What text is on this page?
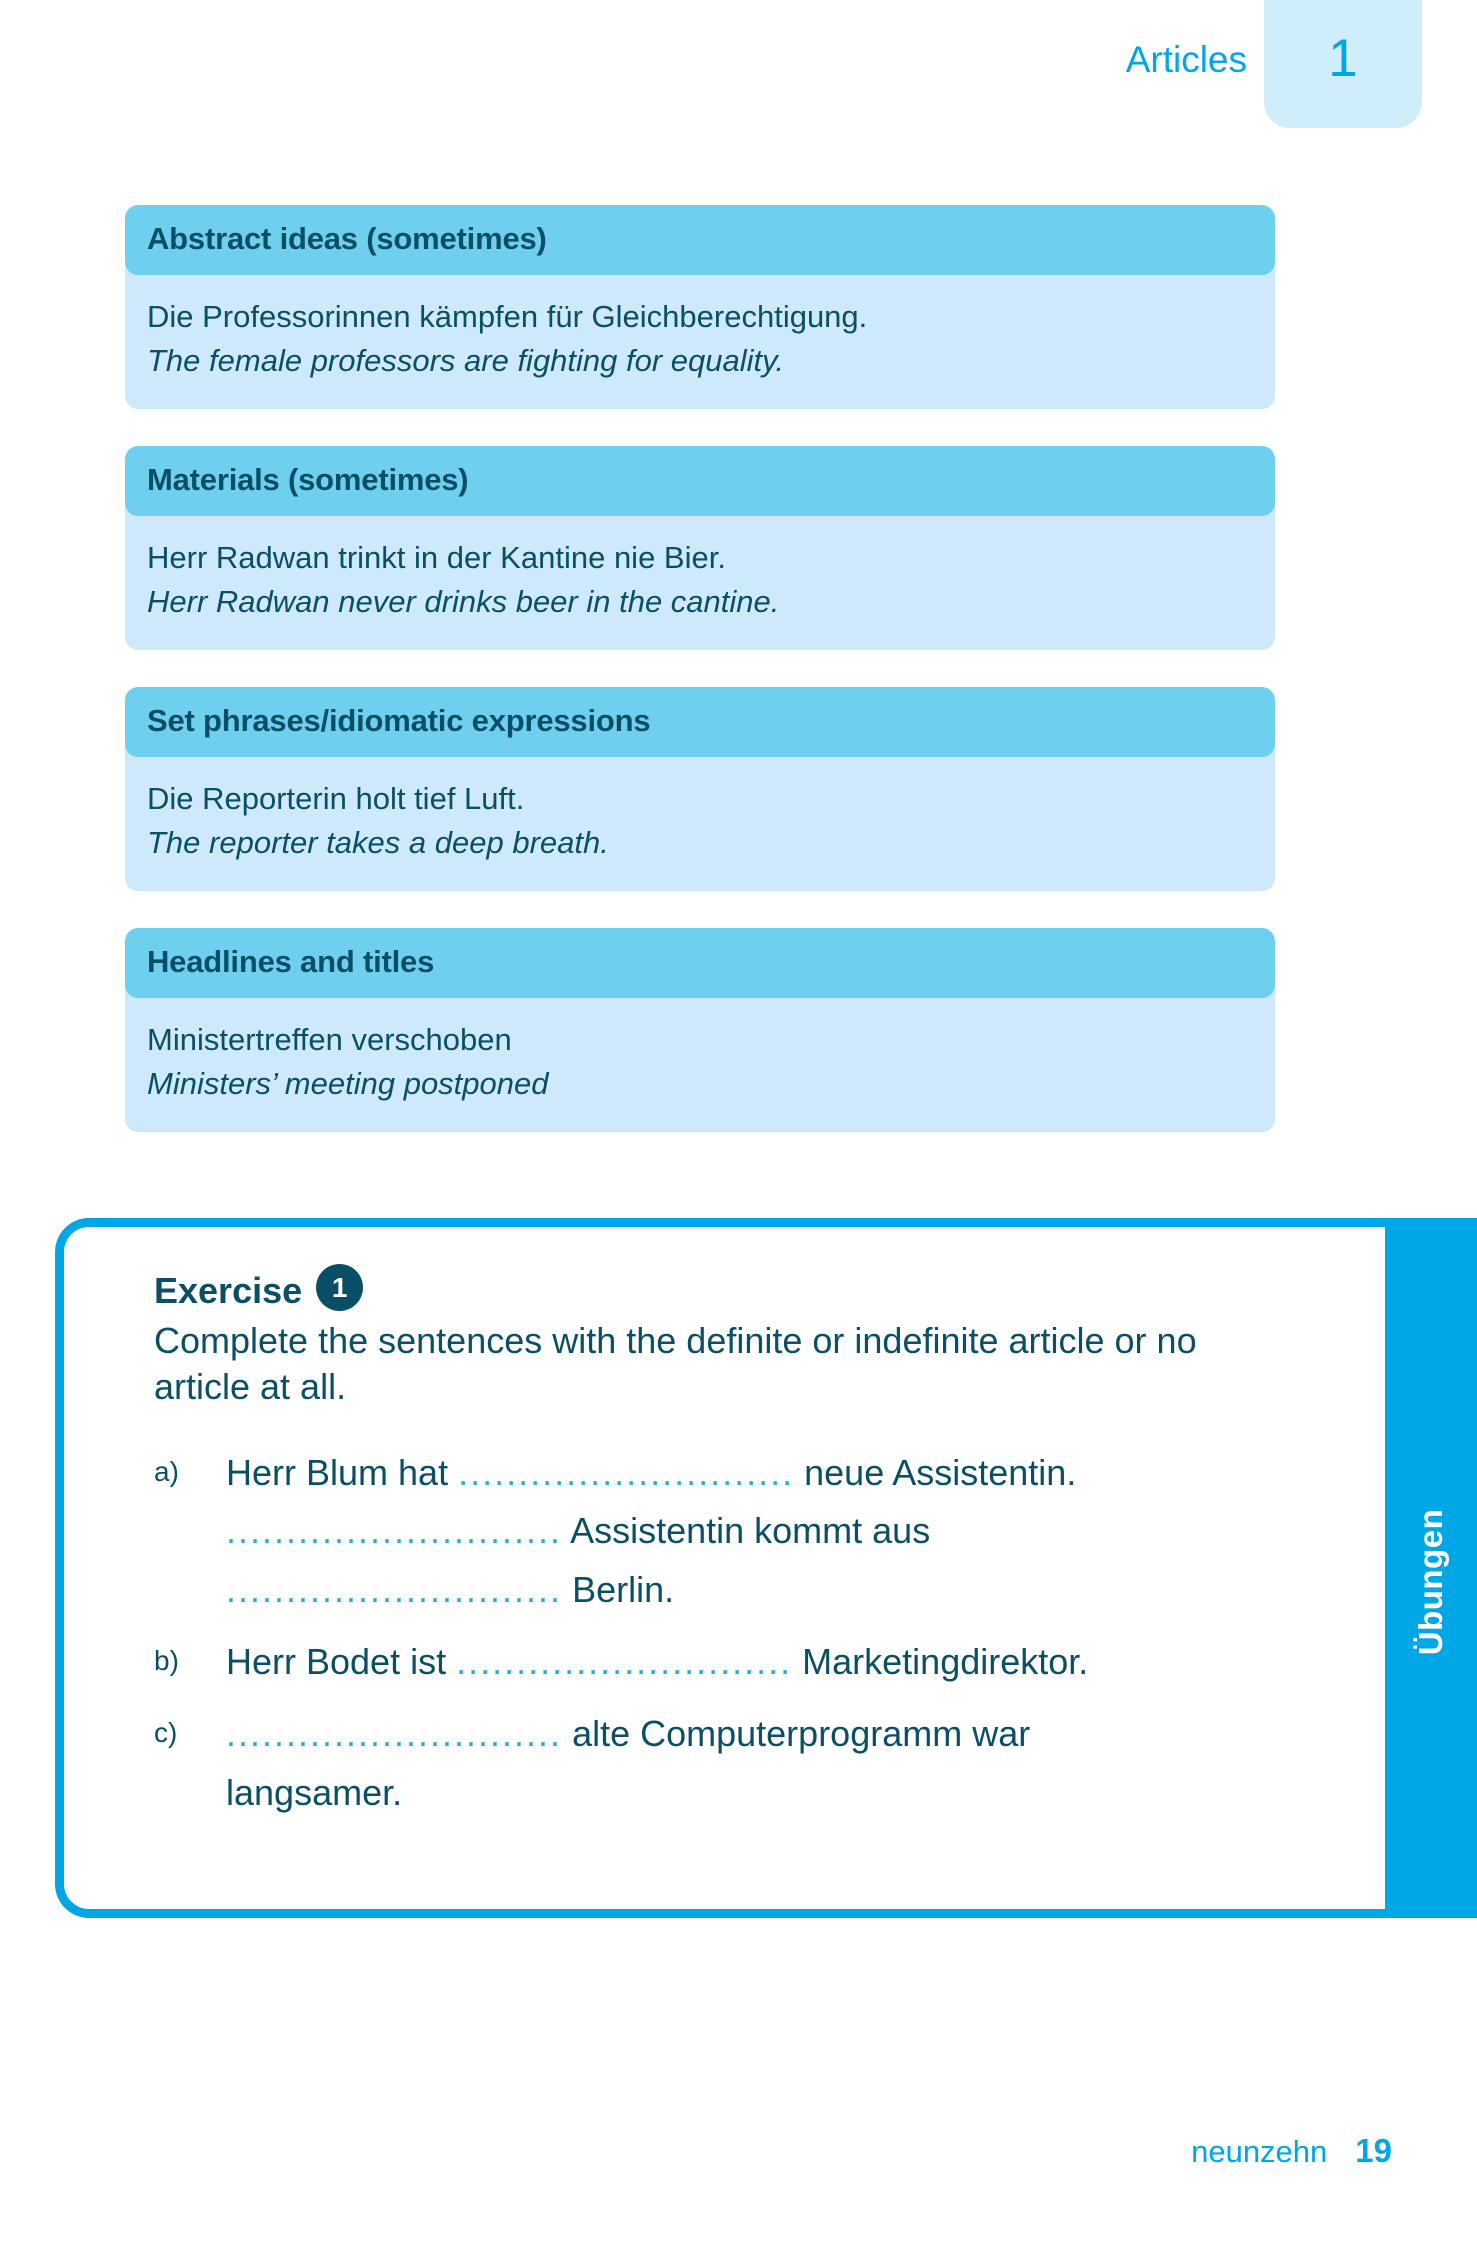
Articles 1
Abstract ideas (sometimes)
Die Professorinnen kämpfen für Gleichberechtigung.
The female professors are fighting for equality.
Materials (sometimes)
Herr Radwan trinkt in der Kantine nie Bier.
Herr Radwan never drinks beer in the cantine.
Set phrases/idiomatic expressions
Die Reporterin holt tief Luft.
The reporter takes a deep breath.
Headlines and titles
Ministertreffen verschoben
Ministers’ meeting postponed
Übungen
Exercise	1
Complete the sentences with the definite or indefinite article or no article at all.
a)	Herr Blum hat ............................ neue Assistentin.
............................ Assistentin kommt aus
............................ Berlin.
b)	Herr Bodet ist ............................ Marketingdirektor.
c)	............................ alte Computerprogramm war
langsamer.
neunzehn 19
